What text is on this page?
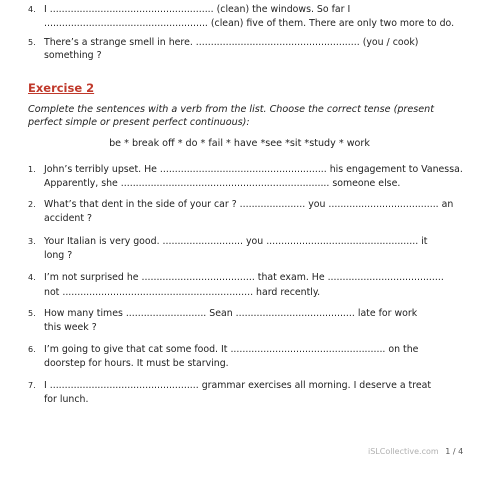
4. I ....................................................... (clean) the windows. So far I
....................................................... (clean) five of them. There are only two more to do.
5. There’s a strange smell in here. ....................................................... (you / cook)
something ?
Exercise 2
Complete the sentences with a verb from the list. Choose the correct tense (present perfect simple or present perfect continuous):
be * break off * do * fail * have *see *sit *study * work
1. John’s terribly upset. He ........................................................ his engagement to Vanessa.
Apparently, she ...................................................................... someone else.
2. What’s that dent in the side of your car ? ...................... you ..................................... an
accident ?
3. Your Italian is very good. ........................... you ................................................... it
long ?
4. I’m not surprised he ...................................... that exam. He .......................................
not ................................................................ hard recently.
5. How many times ........................... Sean ........................................ late for work
this week ?
6. I’m going to give that cat some food. It .................................................... on the
doorstep for hours. It must be starving.
7. I .................................................. grammar exercises all morning. I deserve a treat
for lunch.
iSLCollective.com 1 / 4
